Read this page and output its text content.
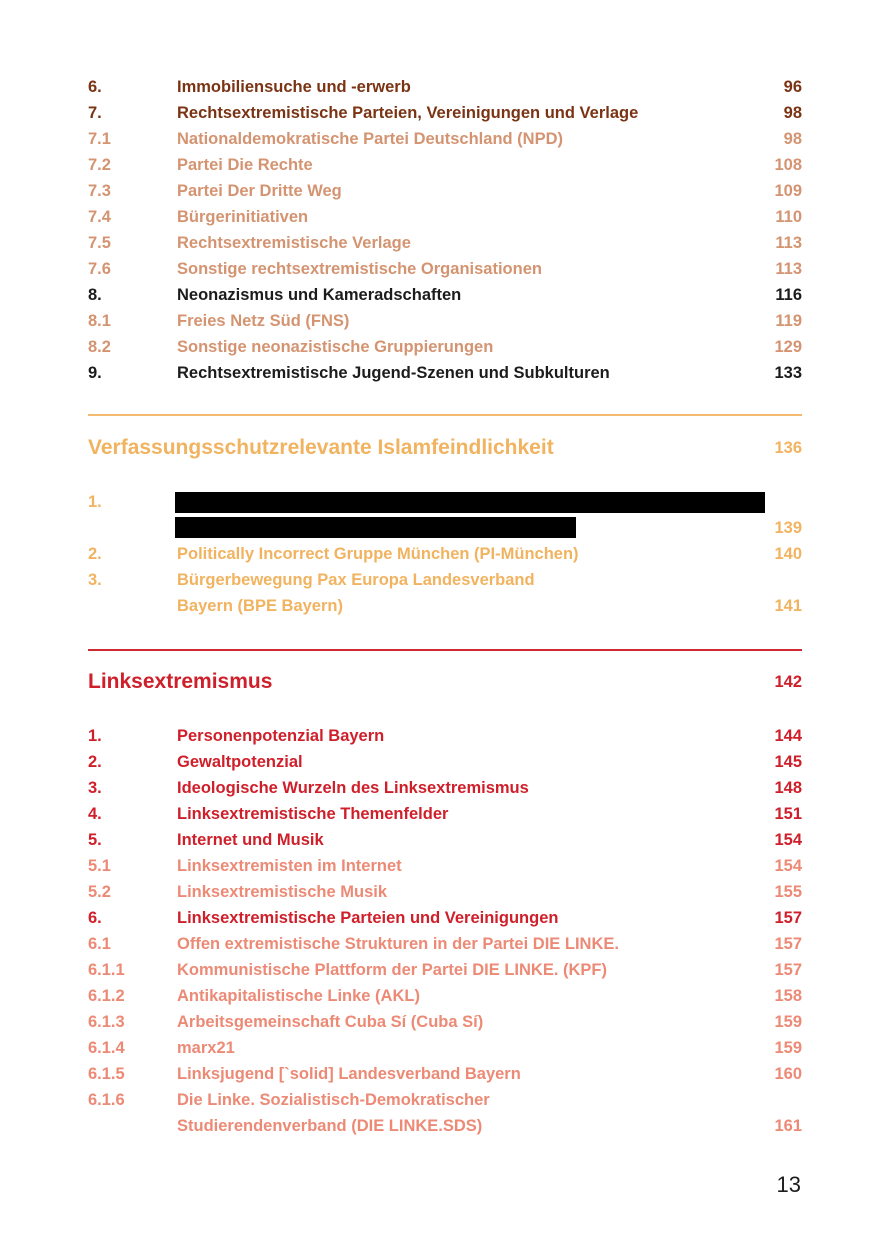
6.	Immobiliensuche und -erwerb	96
7.	Rechtsextremistische Parteien, Vereinigungen und Verlage	98
7.1	Nationaldemokratische Partei Deutschland (NPD)	98
7.2	Partei Die Rechte	108
7.3	Partei Der Dritte Weg	109
7.4	Bürgerinitiativen	110
7.5	Rechtsextremistische Verlage	113
7.6	Sonstige rechtsextremistische Organisationen	113
8.	Neonazismus und Kameradschaften	116
8.1	Freies Netz Süd (FNS)	119
8.2	Sonstige neonazistische Gruppierungen	129
9.	Rechtsextremistische Jugend-Szenen und Subkulturen	133
Verfassungsschutzrelevante Islamfeindlichkeit	136
1.
139
2.	Politically Incorrect Gruppe München (PI-München)	140
3.	Bürgerbewegung Pax Europa Landesverband
Bayern (BPE Bayern)	141
Linksextremismus	142
1.	Personenpotenzial Bayern	144
2.	Gewaltpotenzial	145
3.	Ideologische Wurzeln des Linksextremismus	148
4.	Linksextremistische Themenfelder	151
5.	Internet und Musik	154
5.1	Linksextremisten im Internet	154
5.2	Linksextremistische Musik	155
6.	Linksextremistische Parteien und Vereinigungen	157
6.1	Offen extremistische Strukturen in der Partei DIE LINKE.	157
6.1.1	Kommunistische Plattform der Partei DIE LINKE. (KPF)	157
6.1.2	Antikapitalistische Linke (AKL)	158
6.1.3	Arbeitsgemeinschaft Cuba Sí (Cuba Sí)	159
6.1.4	marx21	159
6.1.5	Linksjugend [`solid] Landesverband Bayern	160
6.1.6	Die Linke. Sozialistisch-Demokratischer
Studierendenverband (DIE LINKE.SDS)	161
13
